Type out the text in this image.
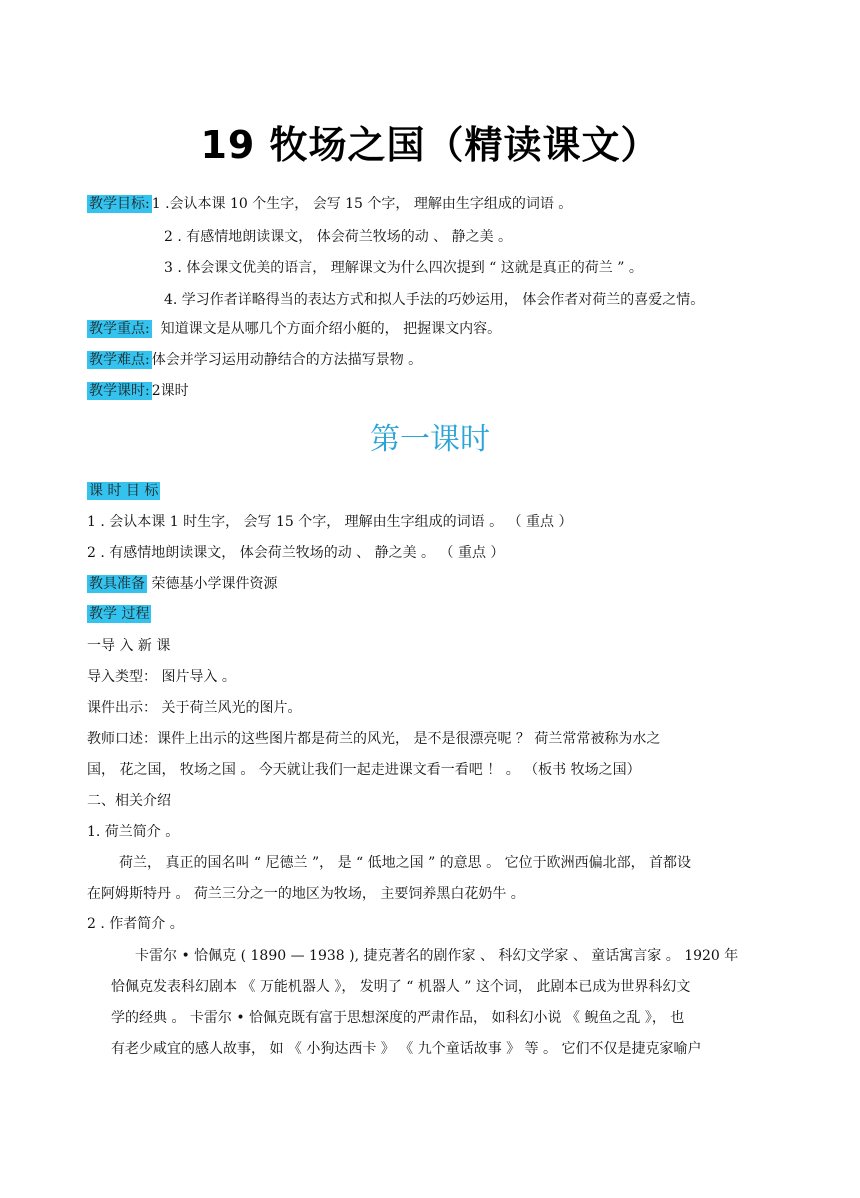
19 牧场之国（精读课文）
教学目标: 1 .会认本课 10 个生字， 会写 15 个字， 理解由生字组成的词语 。
2 . 有感情地朗读课文， 体会荷兰牧场的动 、 静之美 。
3 . 体会课文优美的语言， 理解课文为什么四次提到 “ 这就是真正的荷兰 ” 。
4. 学习作者详略得当的表达方式和拟人手法的巧妙运用， 体会作者对荷兰的喜爱之情。
教学重点: 知道课文是从哪几个方面介绍小艇的， 把握课文内容。
教学难点: 体会并学习运用动静结合的方法描写景物 。
教学课时: 2课时
第一课时
课 时 目 标
1 . 会认本课 1 时生字， 会写 15 个字， 理解由生字组成的词语 。 （ 重点 ）
2 . 有感情地朗读课文， 体会荷兰牧场的动 、 静之美 。 （ 重点 ）
教具准备 荣德基小学课件资源
教学 过程
一导 入 新 课
导入类型： 图片导入 。
课件出示： 关于荷兰风光的图片。
教师口述：课件上出示的这些图片都是荷兰的风光， 是不是很漂亮呢 ？ 荷兰常常被称为水之
国， 花之国， 牧场之国 。 今天就让我们一起走进课文看一看吧 ！ 。 （板书 牧场之国）
二、相关介绍
1. 荷兰简介 。
荷兰， 真正的国名叫 “ 尼德兰 ”， 是 “ 低地之国 ” 的意思 。 它位于欧洲西偏北部， 首都设
在阿姆斯特丹 。 荷兰三分之一的地区为牧场， 主要饲养黑白花奶牛 。
2 . 作者简介 。
卡雷尔 • 恰佩克 ( 1890 — 1938 ), 捷克著名的剧作家 、 科幻文学家 、 童话寓言家 。 1920 年
恰佩克发表科幻剧本 《 万能机器人 》， 发明了 “ 机器人 ” 这个词， 此剧本已成为世界科幻文
学的经典 。 卡雷尔 • 恰佩克既有富于思想深度的严肃作品， 如科幻小说 《 鲵鱼之乱 》， 也
有老少咸宜的感人故事， 如 《 小狗达西卡 》 《 九个童话故事 》 等 。 它们不仅是捷克家喻户
